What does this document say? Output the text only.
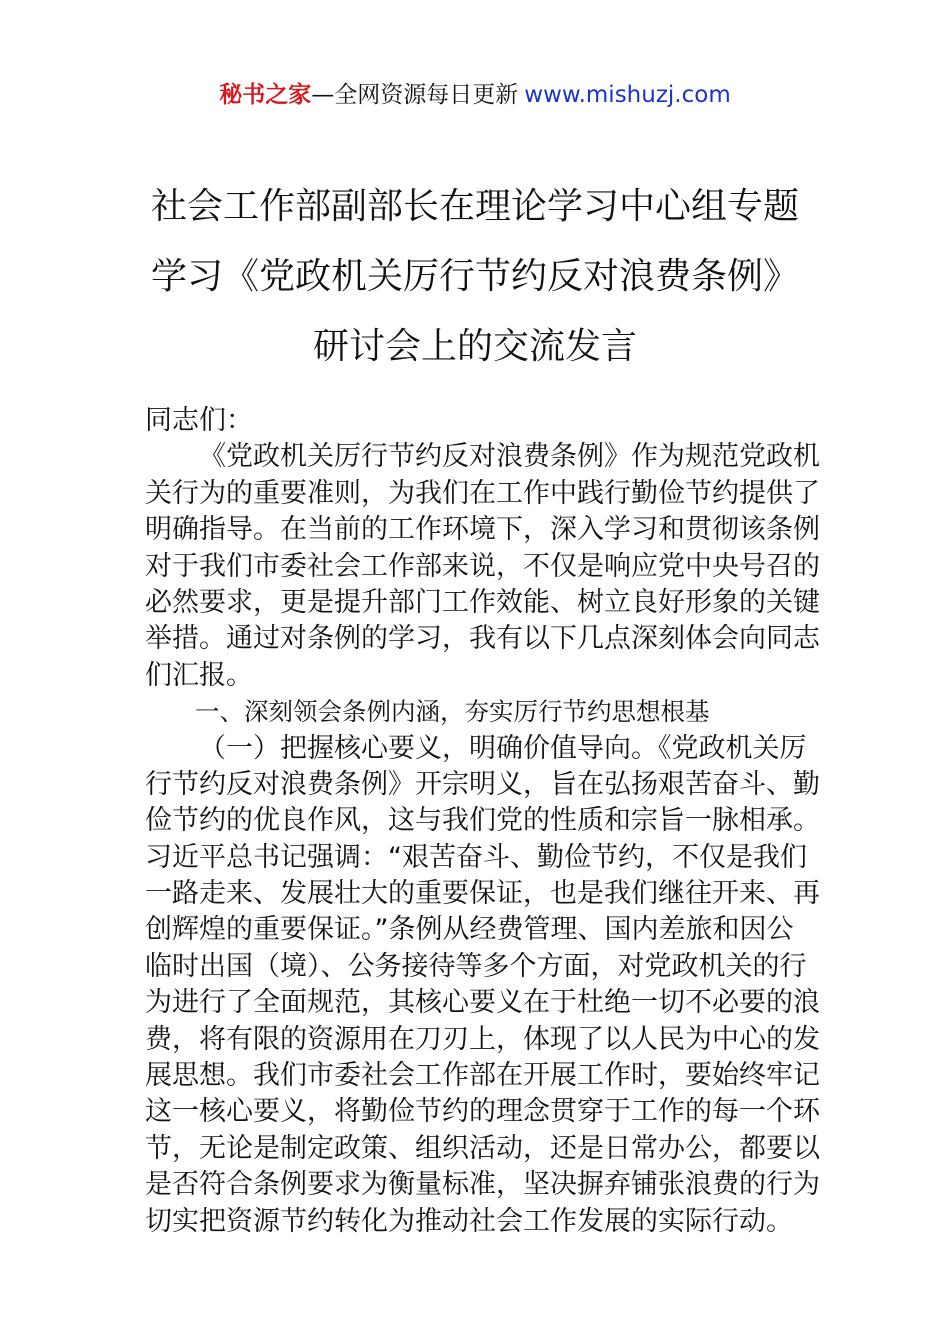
秘书之家—全网资源每日更新 www.mishuzj.com
社会工作部副部长在理论学习中心组专题
学习《党政机关厉行节约反对浪费条例》
研讨会上的交流发言
同志们：
《党政机关厉行节约反对浪费条例》作为规范党政机
关行为的重要准则，为我们在工作中践行勤俭节约提供了
明确指导。在当前的工作环境下，深入学习和贯彻该条例
对于我们市委社会工作部来说，不仅是响应党中央号召的
必然要求，更是提升部门工作效能、树立良好形象的关键
举措。通过对条例的学习，我有以下几点深刻体会向同志
们汇报。
一、深刻领会条例内涵，夯实厉行节约思想根基
（一）把握核心要义，明确价值导向。《党政机关厉
行节约反对浪费条例》开宗明义，旨在弘扬艰苦奋斗、勤
俭节约的优良作风，这与我们党的性质和宗旨一脉相承。
习近平总书记强调：“艰苦奋斗、勤俭节约，不仅是我们
一路走来、发展壮大的重要保证，也是我们继往开来、再
创辉煌的重要保证。”条例从经费管理、国内差旅和因公
临时出国（境）、公务接待等多个方面，对党政机关的行
为进行了全面规范，其核心要义在于杜绝一切不必要的浪
费，将有限的资源用在刀刃上，体现了以人民为中心的发
展思想。我们市委社会工作部在开展工作时，要始终牢记
这一核心要义，将勤俭节约的理念贯穿于工作的每一个环
节，无论是制定政策、组织活动，还是日常办公，都要以
是否符合条例要求为衡量标准，坚决摒弃铺张浪费的行为
切实把资源节约转化为推动社会工作发展的实际行动。
